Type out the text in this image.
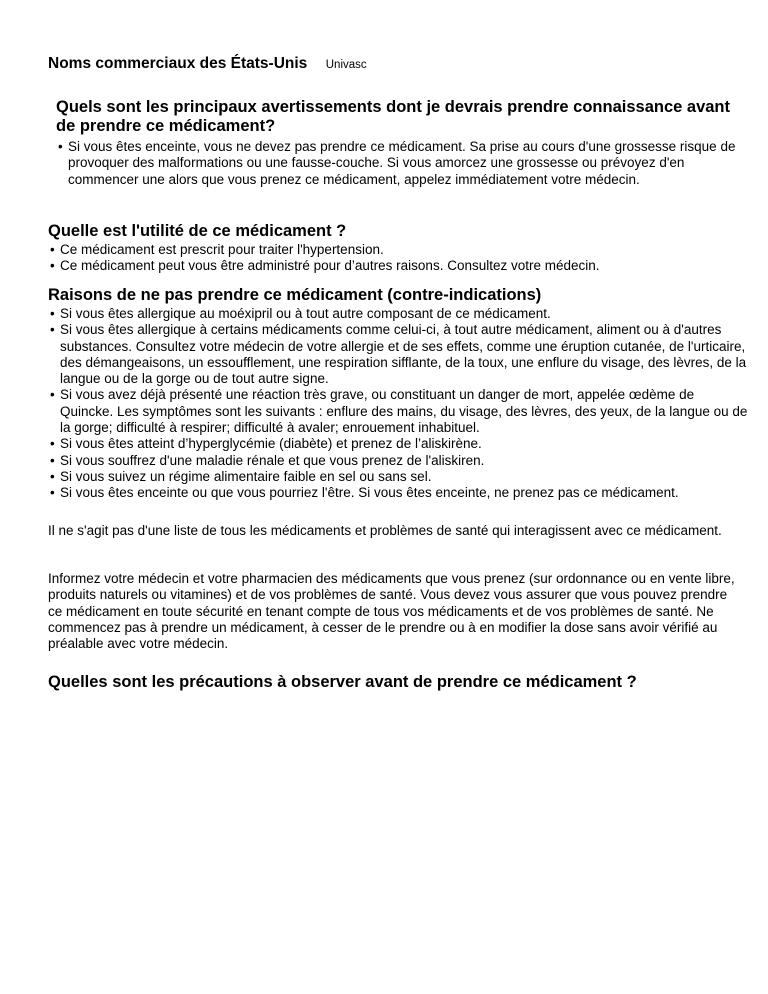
Noms commerciaux des États-Unis Univasc
Quels sont les principaux avertissements dont je devrais prendre connaissance avant de prendre ce médicament?
• Si vous êtes enceinte, vous ne devez pas prendre ce médicament. Sa prise au cours d'une grossesse risque de provoquer des malformations ou une fausse-couche. Si vous amorcez une grossesse ou prévoyez d'en commencer une alors que vous prenez ce médicament, appelez immédiatement votre médecin.
Quelle est l'utilité de ce médicament ?
• Ce médicament est prescrit pour traiter l'hypertension.
• Ce médicament peut vous être administré pour d’autres raisons. Consultez votre médecin.
Raisons de ne pas prendre ce médicament (contre-indications)
• Si vous êtes allergique au moéxipril ou à tout autre composant de ce médicament.
• Si vous êtes allergique à certains médicaments comme celui-ci, à tout autre médicament, aliment ou à d'autres substances. Consultez votre médecin de votre allergie et de ses effets, comme une éruption cutanée, de l'urticaire, des démangeaisons, un essoufflement, une respiration sifflante, de la toux, une enflure du visage, des lèvres, de la langue ou de la gorge ou de tout autre signe.
• Si vous avez déjà présenté une réaction très grave, ou constituant un danger de mort, appelée œdème de Quincke. Les symptômes sont les suivants : enflure des mains, du visage, des lèvres, des yeux, de la langue ou de la gorge; difficulté à respirer; difficulté à avaler; enrouement inhabituel.
• Si vous êtes atteint d’hyperglycémie (diabète) et prenez de l’aliskirène.
• Si vous souffrez d'une maladie rénale et que vous prenez de l'aliskiren.
• Si vous suivez un régime alimentaire faible en sel ou sans sel.
• Si vous êtes enceinte ou que vous pourriez l'être. Si vous êtes enceinte, ne prenez pas ce médicament.

Il ne s'agit pas d'une liste de tous les médicaments et problèmes de santé qui interagissent avec ce médicament.

Informez votre médecin et votre pharmacien des médicaments que vous prenez (sur ordonnance ou en vente libre, produits naturels ou vitamines) et de vos problèmes de santé. Vous devez vous assurer que vous pouvez prendre ce médicament en toute sécurité en tenant compte de tous vos médicaments et de vos problèmes de santé. Ne commencez pas à prendre un médicament, à cesser de le prendre ou à en modifier la dose sans avoir vérifié au préalable avec votre médecin.

Quelles sont les précautions à observer avant de prendre ce médicament ?
